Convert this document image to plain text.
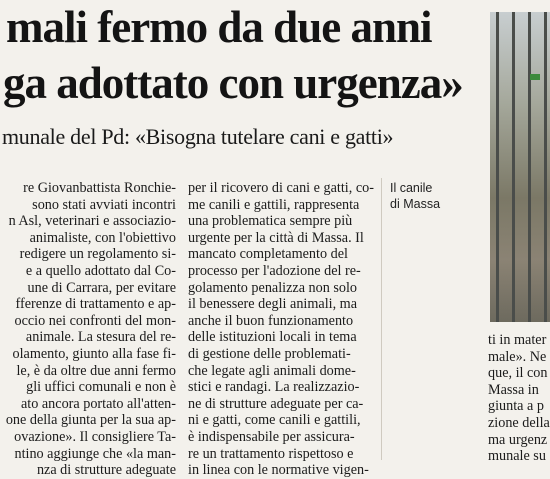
mali fermo da due anni
ga adottato con urgenza»
munale del Pd: «Bisogna tutelare cani e gatti»
re Giovanbattista Ronchie-
sono stati avviati incontri
n Asl, veterinari e associazio-
animaliste, con l'obiettivo
redigere un regolamento si-
e a quello adottato dal Co-
une di Carrara, per evitare
fferenze di trattamento e ap-
occio nei confronti del mon-
animale. La stesura del re-
olamento, giunto alla fase fi-
le, è da oltre due anni fermo
gli uffici comunali e non è
ato ancora portato all'atten-
one della giunta per la sua ap-
ovazione». Il consigliere Ta-
ntino aggiunge che «la man-
nza di strutture adeguate
per il ricovero di cani e gatti, co-
me canili e gattili, rappresenta
una problematica sempre più
urgente per la città di Massa. Il
mancato completamento del
processo per l'adozione del re-
golamento penalizza non solo
il benessere degli animali, ma
anche il buon funzionamento
delle istituzioni locali in tema
di gestione delle problemati-
che legate agli animali dome-
stici e randagi. La realizzazio-
ne di strutture adeguate per ca-
ni e gatti, come canili e gattili,
è indispensabile per assicura-
re un trattamento rispettoso e
in linea con le normative vigen-
Il canile
di Massa
ti in mater
male». Ne
que, il con
Massa in
giunta a p
zione della
ma urgenz
munale su
